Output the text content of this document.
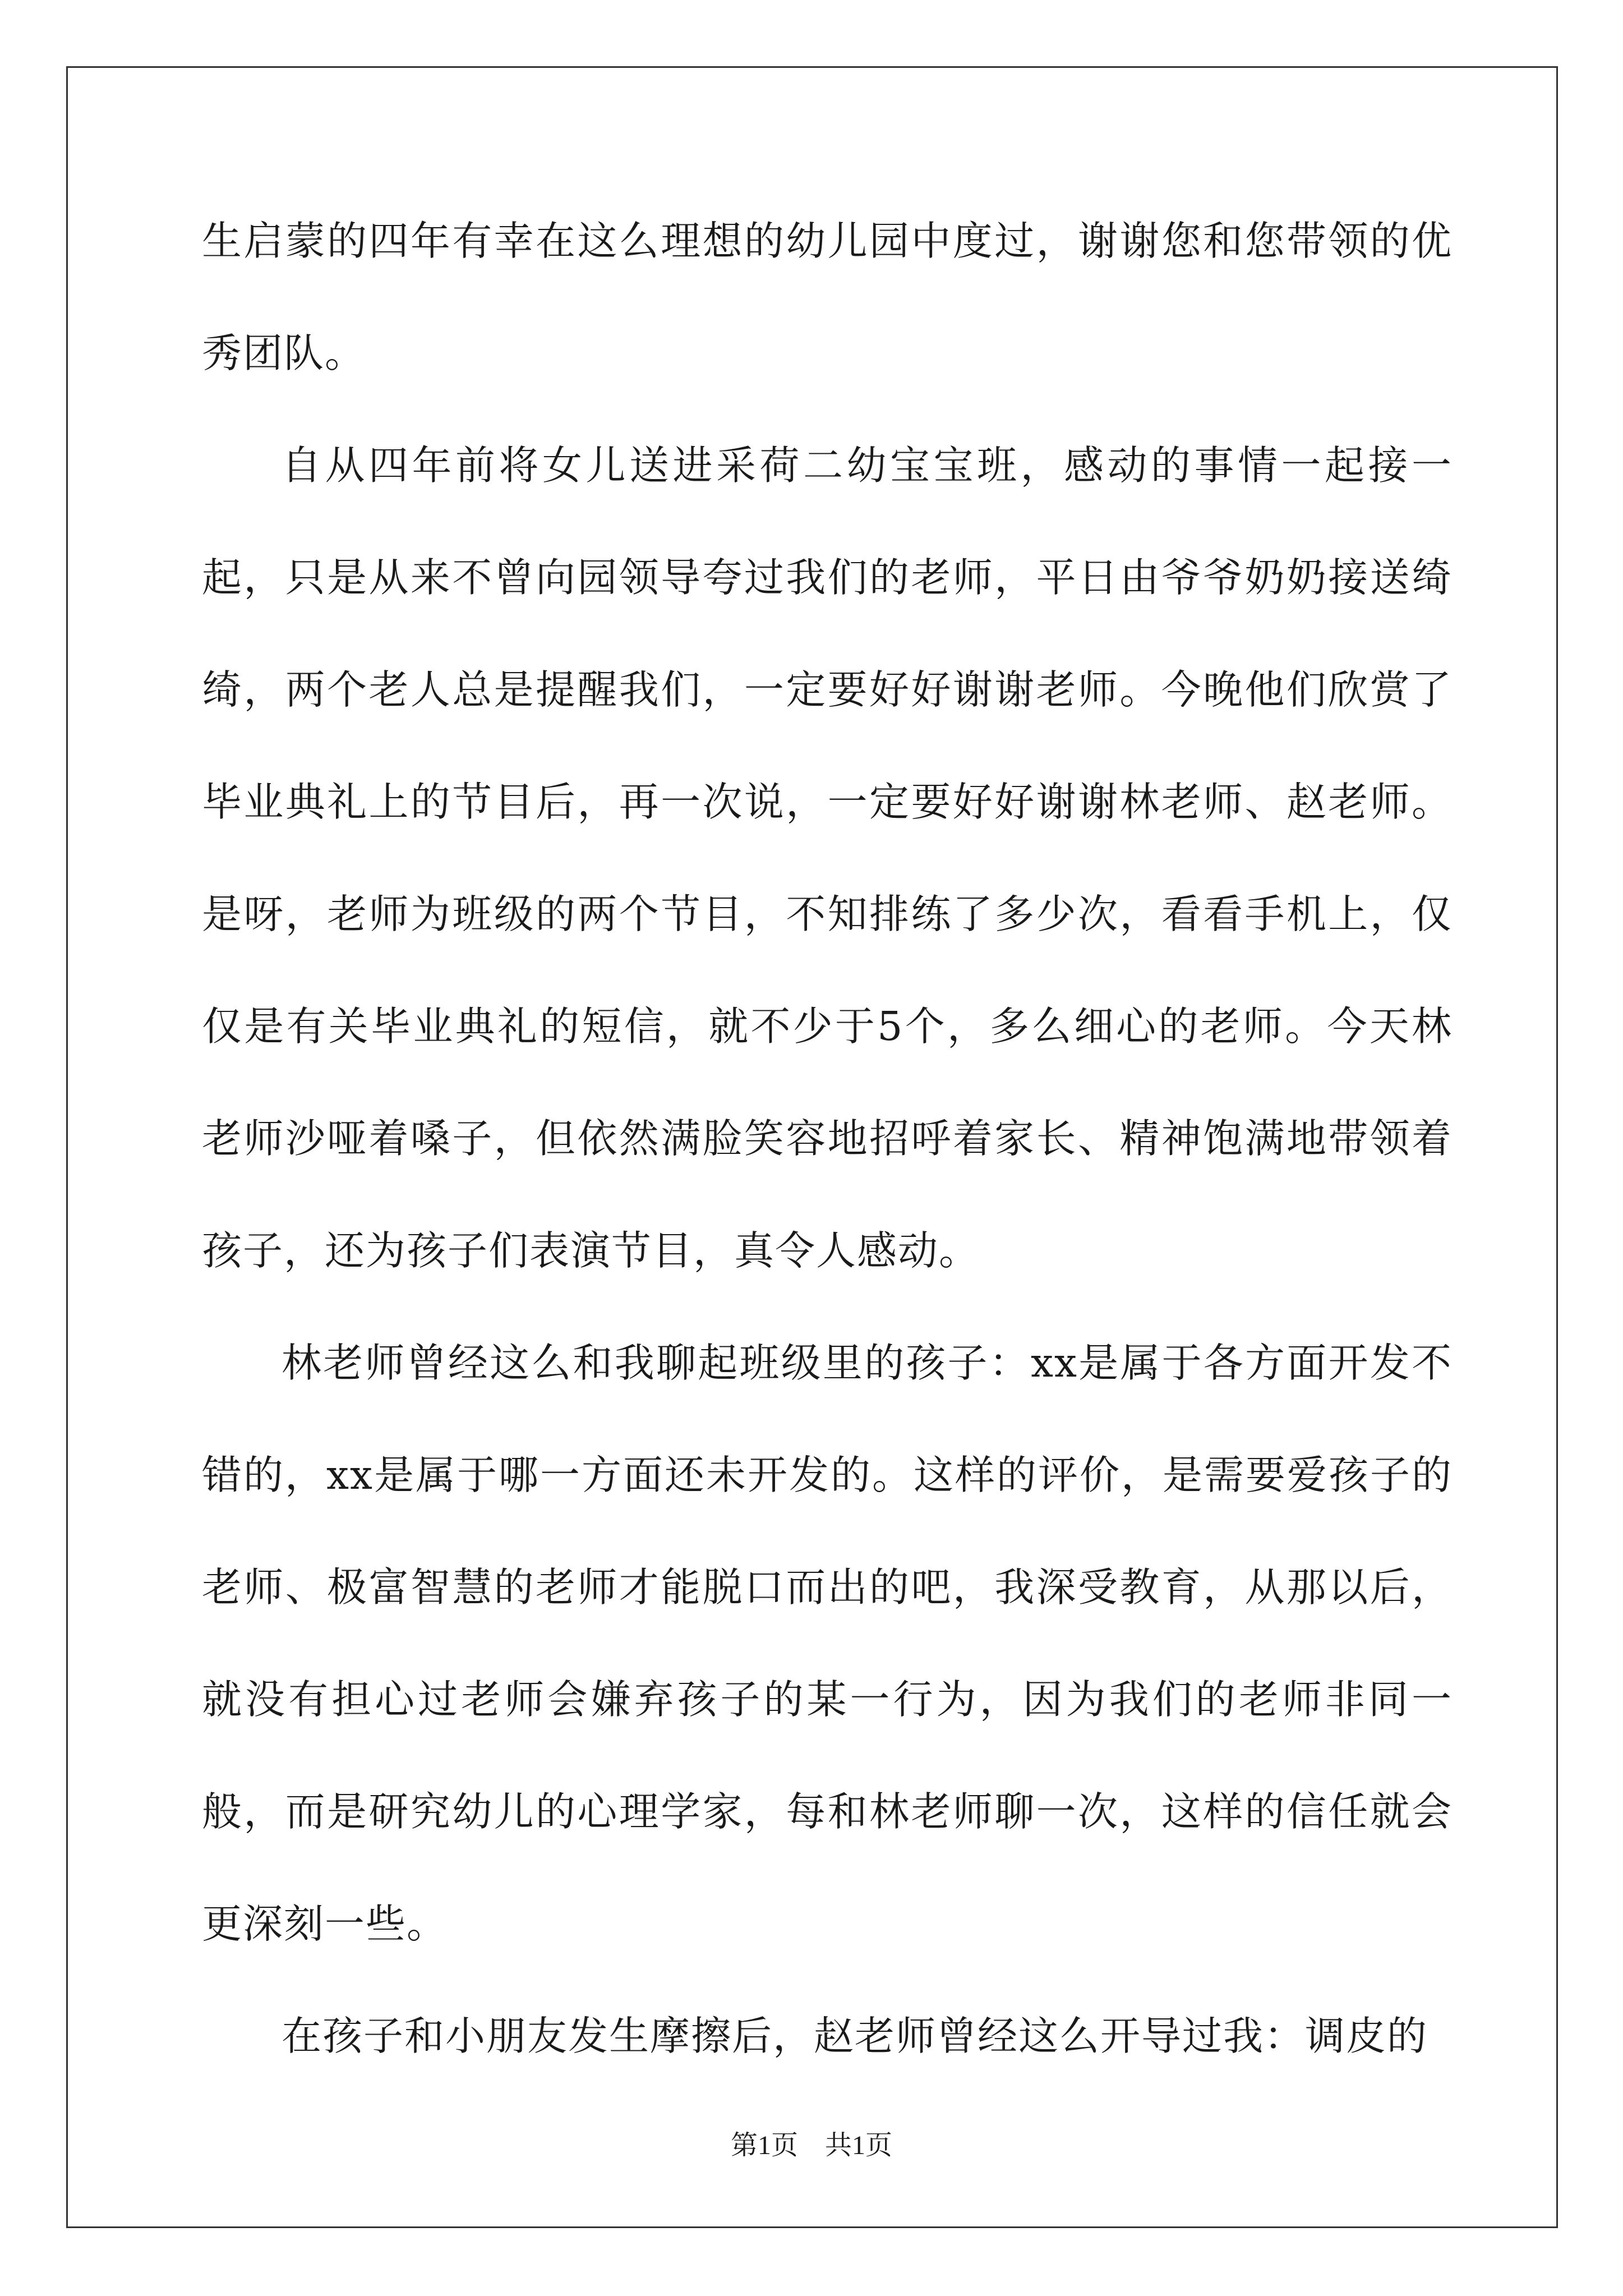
生启蒙的四年有幸在这么理想的幼儿园中度过，谢谢您和您带领的优秀团队。

自从四年前将女儿送进采荷二幼宝宝班，感动的事情一起接一起，只是从来不曾向园领导夸过我们的老师，平日由爷爷奶奶接送绮绮，两个老人总是提醒我们，一定要好好谢谢老师。今晚他们欣赏了毕业典礼上的节目后，再一次说，一定要好好谢谢林老师、赵老师。是呀，老师为班级的两个节目，不知排练了多少次，看看手机上，仅仅是有关毕业典礼的短信，就不少于5个，多么细心的老师。今天林老师沙哑着嗓子，但依然满脸笑容地招呼着家长、精神饱满地带领着孩子，还为孩子们表演节目，真令人感动。

林老师曾经这么和我聊起班级里的孩子：xx是属于各方面开发不错的，xx是属于哪一方面还未开发的。这样的评价，是需要爱孩子的老师、极富智慧的老师才能脱口而出的吧，我深受教育，从那以后，就没有担心过老师会嫌弃孩子的某一行为，因为我们的老师非同一般，而是研究幼儿的心理学家，每和林老师聊一次，这样的信任就会更深刻一些。

在孩子和小朋友发生摩擦后，赵老师曾经这么开导过我：调皮的

第1页　共1页
